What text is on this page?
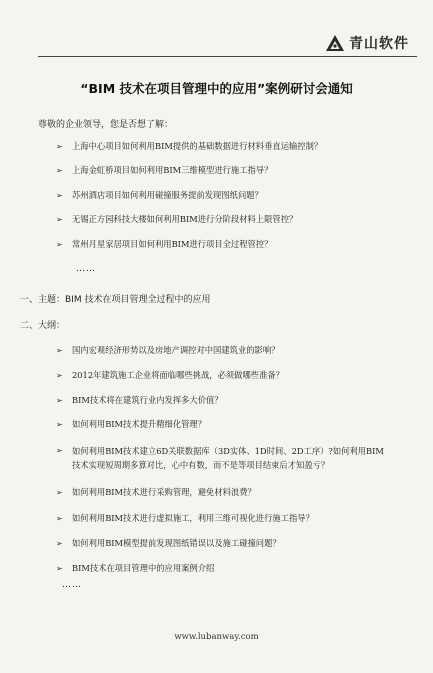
青山软件
“BIM 技术在项目管理中的应用”案例研讨会通知
尊敬的企业领导，您是否想了解：
➢ 上海中心项目如何利用BIM提供的基础数据进行材料垂直运输控制？
➢ 上海金虹桥项目如何利用BIM三维模型进行施工指导？
➢ 苏州酒店项目如何利用碰撞服务提前发现图纸问题？
➢ 无锡正方园科技大楼如何利用BIM进行分阶段材料上限管控？
➢ 常州月星家居项目如何利用BIM进行项目全过程管控？
……
一、主题：BIM 技术在项目管理全过程中的应用
二、大纲：
➢ 国内宏观经济形势以及房地产调控对中国建筑业的影响？
➢ 2012年建筑施工企业将面临哪些挑战，必须做哪些准备？
➢ BIM技术将在建筑行业内发挥多大价值？
➢ 如何利用BIM技术提升精细化管理？
➢ 如何利用BIM技术建立6D关联数据库（3D实体、1D时间、2D工序）?如何利用BIM
技术实现短周期多算对比，心中有数，而不是等项目结束后才知盈亏？
➢ 如何利用BIM技术进行采购管理，避免材料浪费？
➢ 如何利用BIM技术进行虚拟施工，利用三维可视化进行施工指导？
➢ 如何利用BIM模型提前发现图纸错误以及施工碰撞问题？
➢ BIM技术在项目管理中的应用案例介绍
……
www.lubanway.com
